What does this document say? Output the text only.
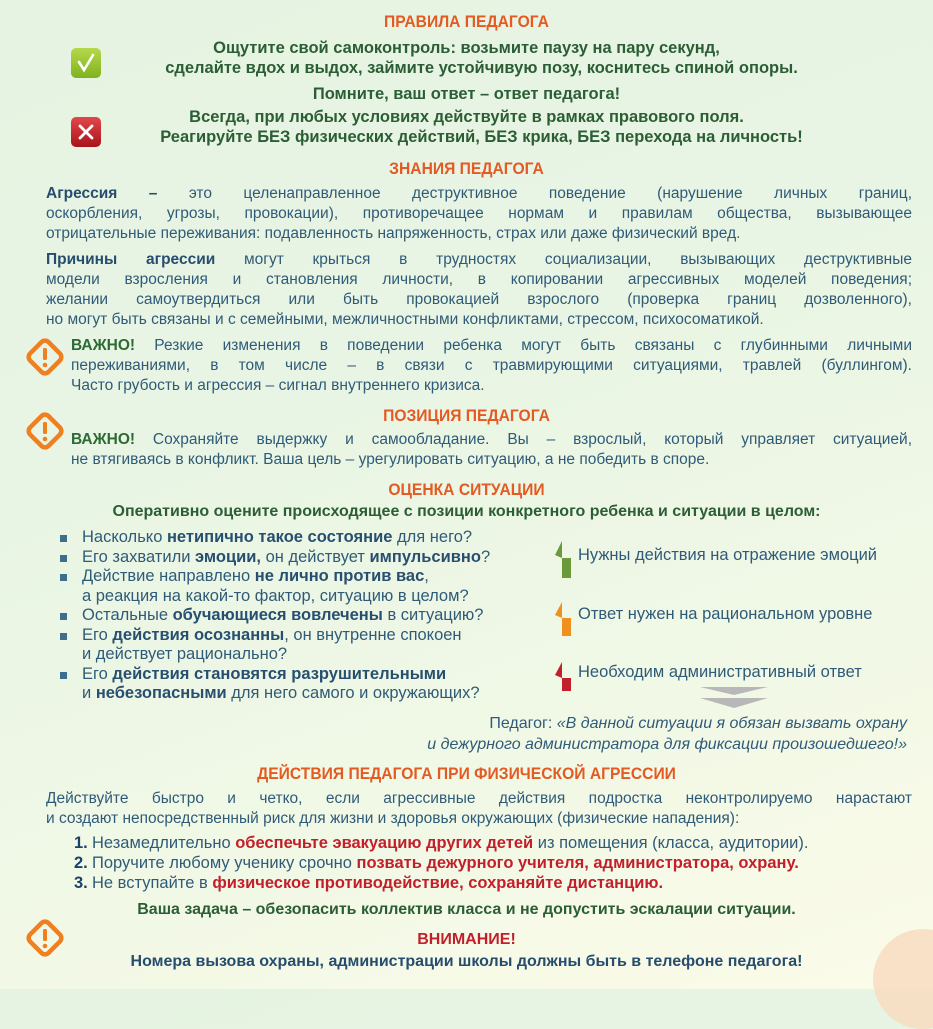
ПРАВИЛА ПЕДАГОГА
Ощутите свой самоконтроль: возьмите паузу на пару секунд,
сделайте вдох и выдох, займите устойчивую позу, коснитесь спиной опоры.
Помните, ваш ответ – ответ педагога!
Всегда, при любых условиях действуйте в рамках правового поля.
Реагируйте БЕЗ физических действий, БЕЗ крика, БЕЗ перехода на личность!
ЗНАНИЯ ПЕДАГОГА
Агрессия – это целенаправленное деструктивное поведение (нарушение личных границ,
оскорбления, угрозы, провокации), противоречащее нормам и правилам общества, вызывающее
отрицательные переживания: подавленность напряженность, страх или даже физический вред.
Причины агрессии могут крыться в трудностях социализации, вызывающих деструктивные
модели взросления и становления личности, в копировании агрессивных моделей поведения;
желании самоутвердиться или быть провокацией взрослого (проверка границ дозволенного),
но могут быть связаны и с семейными, межличностными конфликтами, стрессом, психосоматикой.
ВАЖНО! Резкие изменения в поведении ребенка могут быть связаны с глубинными личными
переживаниями, в том числе – в связи с травмирующими ситуациями, травлей (буллингом).
Часто грубость и агрессия – сигнал внутреннего кризиса.
ПОЗИЦИЯ ПЕДАГОГА
ВАЖНО! Сохраняйте выдержку и самообладание. Вы – взрослый, который управляет ситуацией,
не втягиваясь в конфликт. Ваша цель – урегулировать ситуацию, а не победить в споре.
ОЦЕНКА СИТУАЦИИ
Оперативно оцените происходящее с позиции конкретного ребенка и ситуации в целом:
Насколько нетипично такое состояние для него?
Его захватили эмоции, он действует импульсивно?
Действие направлено не лично против вас,
а реакция на какой-то фактор, ситуацию в целом?
Остальные обучающиеся вовлечены в ситуацию?
Его действия осознанны, он внутренне спокоен
и действует рационально?
Его действия становятся разрушительными
и небезопасными для него самого и окружающих?
Нужны действия на отражение эмоций
Ответ нужен на рациональном уровне
Необходим административный ответ
Педагог: «В данной ситуации я обязан вызвать охрану
и дежурного администратора для фиксации произошедшего!»
ДЕЙСТВИЯ ПЕДАГОГА ПРИ ФИЗИЧЕСКОЙ АГРЕССИИ
Действуйте быстро и четко, если агрессивные действия подростка неконтролируемо нарастают
и создают непосредственный риск для жизни и здоровья окружающих (физические нападения):
1. Незамедлительно обеспечьте эвакуацию других детей из помещения (класса, аудитории).
2. Поручите любому ученику срочно позвать дежурного учителя, администратора, охрану.
3. Не вступайте в физическое противодействие, сохраняйте дистанцию.
Ваша задача – обезопасить коллектив класса и не допустить эскалации ситуации.
ВНИМАНИЕ!
Номера вызова охраны, администрации школы должны быть в телефоне педагога!
